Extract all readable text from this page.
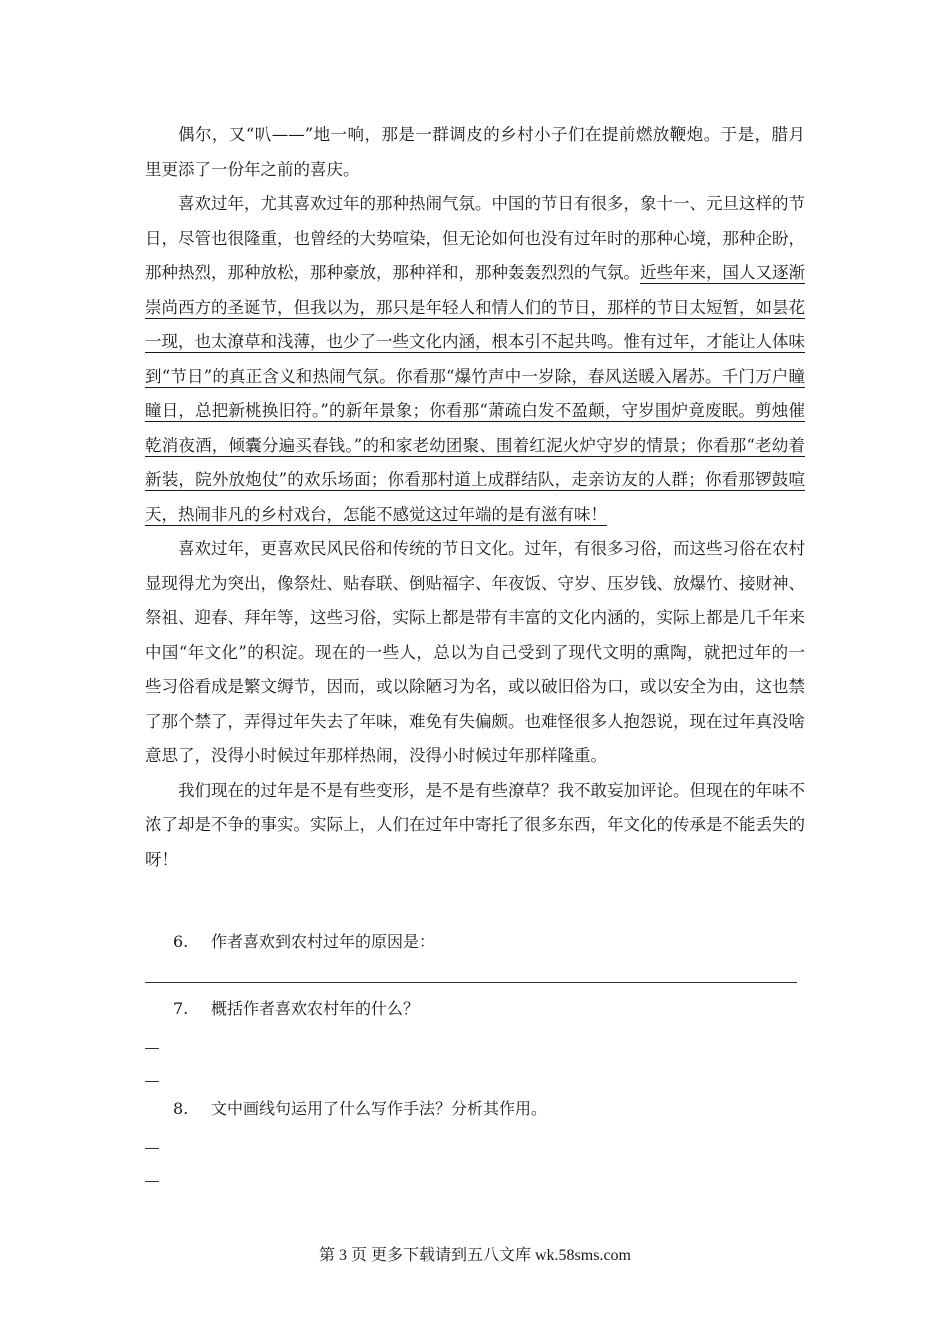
偶尔，又“叭——”地一响，那是一群调皮的乡村小子们在提前燃放鞭炮。于是，腊月里更添了一份年之前的喜庆。

喜欢过年，尤其喜欢过年的那种热闹气氛。中国的节日有很多，象十一、元旦这样的节日，尽管也很隆重，也曾经的大势喧染，但无论如何也没有过年时的那种心境，那种企盼，那种热烈，那种放松，那种豪放，那种祥和，那种轰轰烈烈的气氛。近些年来，国人又逐渐崇尚西方的圣诞节，但我以为，那只是年轻人和情人们的节日，那样的节日太短暂，如昙花一现，也太潦草和浅薄，也少了一些文化内涵，根本引不起共鸣。惟有过年，才能让人体味到“节日”的真正含义和热闹气氛。你看那“爆竹声中一岁除，春风送暖入屠苏。千门万户瞳瞳日，总把新桃换旧符。”的新年景象；你看那“萧疏白发不盈颠，守岁围炉竟废眠。剪烛催乾消夜酒，倾囊分遍买春钱。”的和家老幼团聚、围着红泥火炉守岁的情景；你看那“老幼着新装，院外放炮仗”的欢乐场面；你看那村道上成群结队，走亲访友的人群；你看那锣鼓喧天，热闹非凡的乡村戏台，怎能不感觉这过年端的是有滋有味！

喜欢过年，更喜欢民风民俗和传统的节日文化。过年，有很多习俗，而这些习俗在农村显现得尤为突出，像祭灶、贴春联、倒贴福字、年夜饭、守岁、压岁钱、放爆竹、接财神、祭祖、迎春、拜年等，这些习俗，实际上都是带有丰富的文化内涵的，实际上都是几千年来中国“年文化”的积淀。现在的一些人，总以为自己受到了现代文明的熏陶，就把过年的一些习俗看成是繁文缛节，因而，或以除陋习为名，或以破旧俗为口，或以安全为由，这也禁了那个禁了，弄得过年失去了年味，难免有失偏颇。也难怪很多人抱怨说，现在过年真没啥意思了，没得小时候过年那样热闹，没得小时候过年那样隆重。

我们现在的过年是不是有些变形，是不是有些潦草？我不敢妄加评论。但现在的年味不浓了却是不争的事实。实际上，人们在过年中寄托了很多东西，年文化的传承是不能丢失的呀！

6. 作者喜欢到农村过年的原因是：
7. 概括作者喜欢农村年的什么？
8. 文中画线句运用了什么写作手法？分析其作用。
第 3 页 更多下载请到五八文库 wk.58sms.com
